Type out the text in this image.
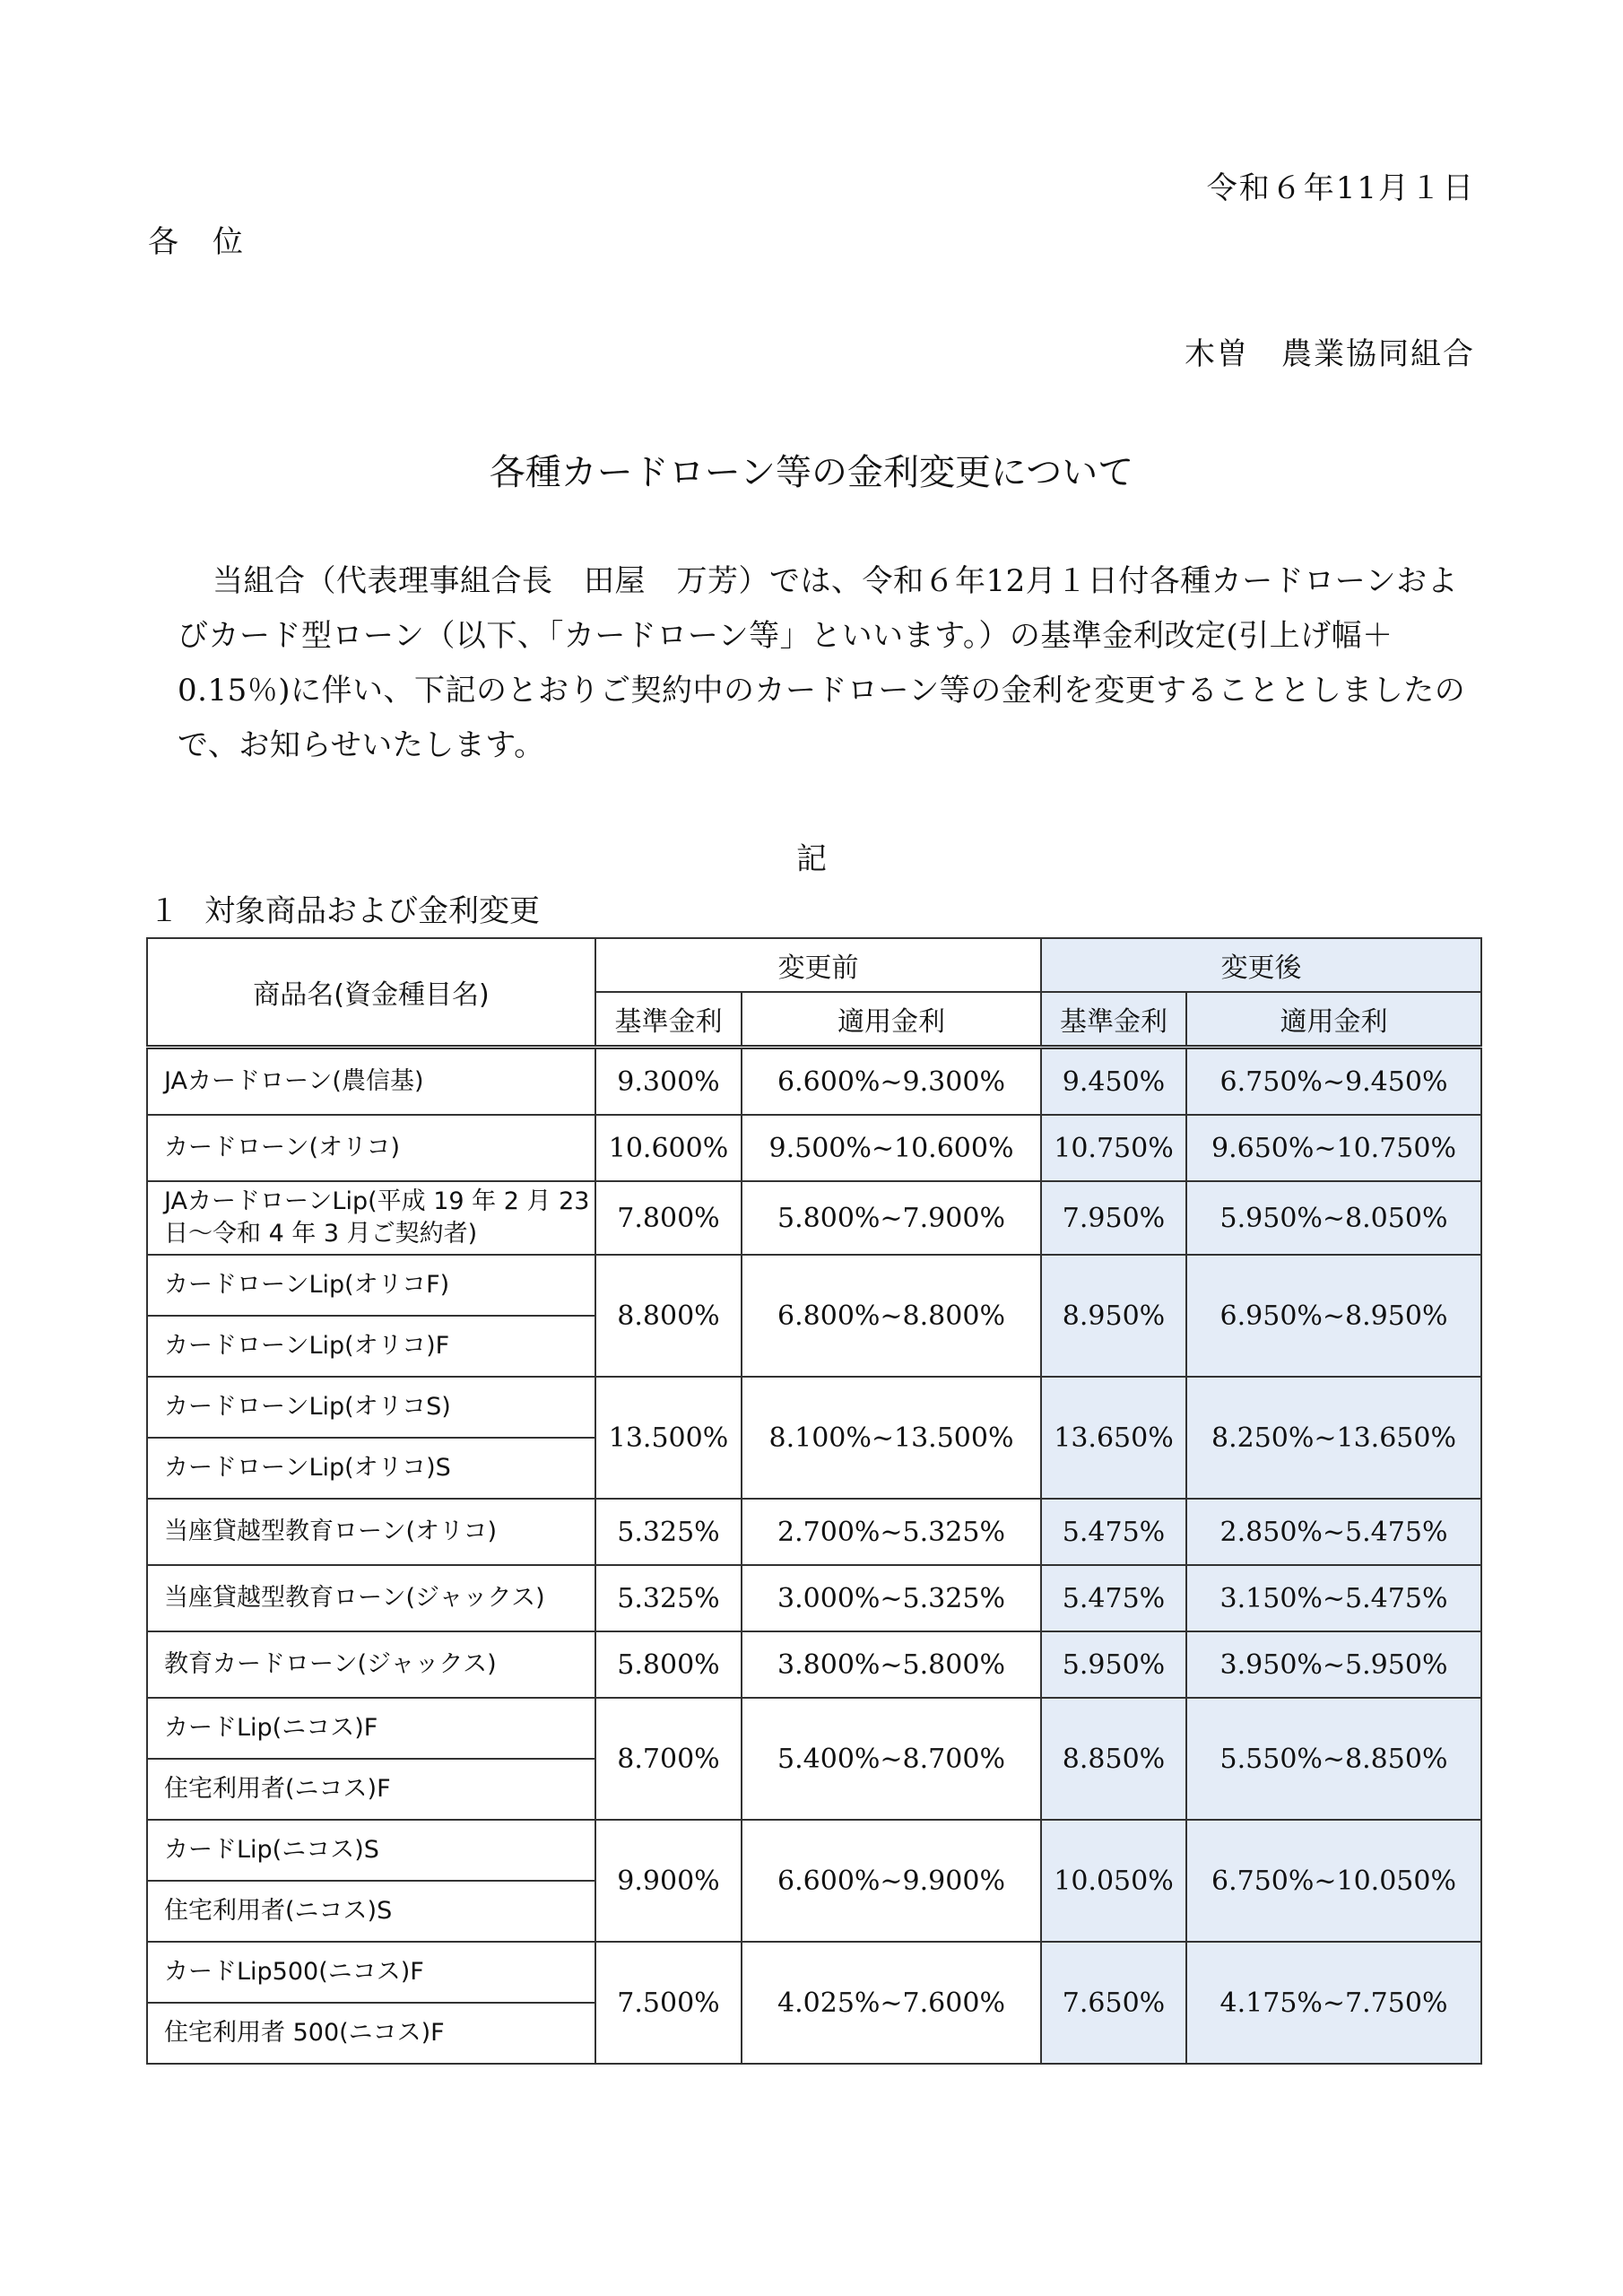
令和６年11月１日
各位
木曽　農業協同組合
各種カードローン等の金利変更について
当組合（代表理事組合長　田屋　万芳）では、令和６年12月１日付各種カードローンおよびカード型ローン（以下、「カードローン等」といいます。）の基準金利改定(引上げ幅＋0.15％)に伴い、下記のとおりご契約中のカードローン等の金利を変更することとしましたので、お知らせいたします。
記
１ 対象商品および金利変更
商品名(資金種目名)	変更前		変更後	
	基準金利	適用金利	基準金利	適用金利
JAカードローン(農信基)	9.300%	6.600%~9.300%	9.450%	6.750%~9.450%
カードローン(オリコ)	10.600%	9.500%~10.600%	10.750%	9.650%~10.750%
JAカードローンLip(平成 19 年 2 月 23 日～令和 4 年 3 月ご契約者)	7.800%	5.800%~7.900%	7.950%	5.950%~8.050%
カードローンLip(オリコF)	8.800%	6.800%~8.800%	8.950%	6.950%~8.950%
カードローンLip(オリコ)F				
カードローンLip(オリコS)	13.500%	8.100%~13.500%	13.650%	8.250%~13.650%
カードローンLip(オリコ)S				
当座貸越型教育ローン(オリコ)	5.325%	2.700%~5.325%	5.475%	2.850%~5.475%
当座貸越型教育ローン(ジャックス)	5.325%	3.000%~5.325%	5.475%	3.150%~5.475%
教育カードローン(ジャックス)	5.800%	3.800%~5.800%	5.950%	3.950%~5.950%
カードLip(ニコス)F	8.700%	5.400%~8.700%	8.850%	5.550%~8.850%
住宅利用者(ニコス)F				
カードLip(ニコス)S	9.900%	6.600%~9.900%	10.050%	6.750%~10.050%
住宅利用者(ニコス)S				
カードLip500(ニコス)F	7.500%	4.025%~7.600%	7.650%	4.175%~7.750%
住宅利用者 500(ニコス)F				
